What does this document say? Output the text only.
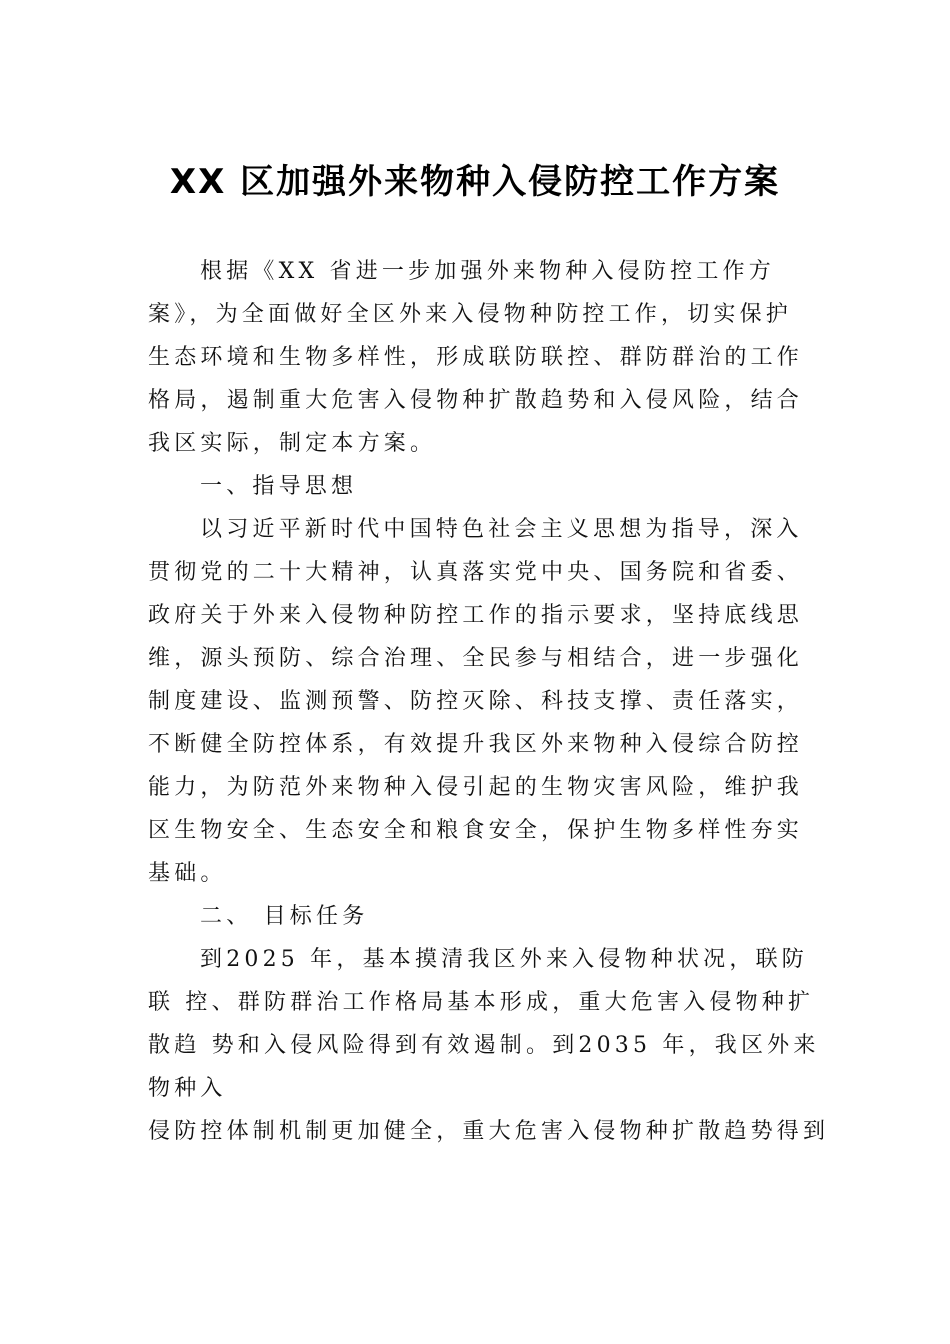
XX 区加强外来物种入侵防控工作方案

根据《XX 省进一步加强外来物种入侵防控工作方案》，为全面做好全区外来入侵物种防控工作，切实保护生态环境和生物多样性，形成联防联控、群防群治的工作格局，遏制重大危害入侵物种扩散趋势和入侵风险，结合我区实际，制定本方案。

一、指导思想

以习近平新时代中国特色社会主义思想为指导，深入贯彻党的二十大精神，认真落实党中央、国务院和省委、政府关于外来入侵物种防控工作的指示要求，坚持底线思维，源头预防、综合治理、全民参与相结合，进一步强化制度建设、监测预警、防控灭除、科技支撑、责任落实，不断健全防控体系，有效提升我区外来物种入侵综合防控能力，为防范外来物种入侵引起的生物灾害风险，维护我区生物安全、生态安全和粮食安全，保护生物多样性夯实基础。

二、 目标任务

到2025 年，基本摸清我区外来入侵物种状况，联防
联 控、群防群治工作格局基本形成，重大危害入侵物种扩
散趋 势和入侵风险得到有效遏制。到2035 年，我区外来
物种入
侵防控体制机制更加健全，重大危害入侵物种扩散趋势得到
